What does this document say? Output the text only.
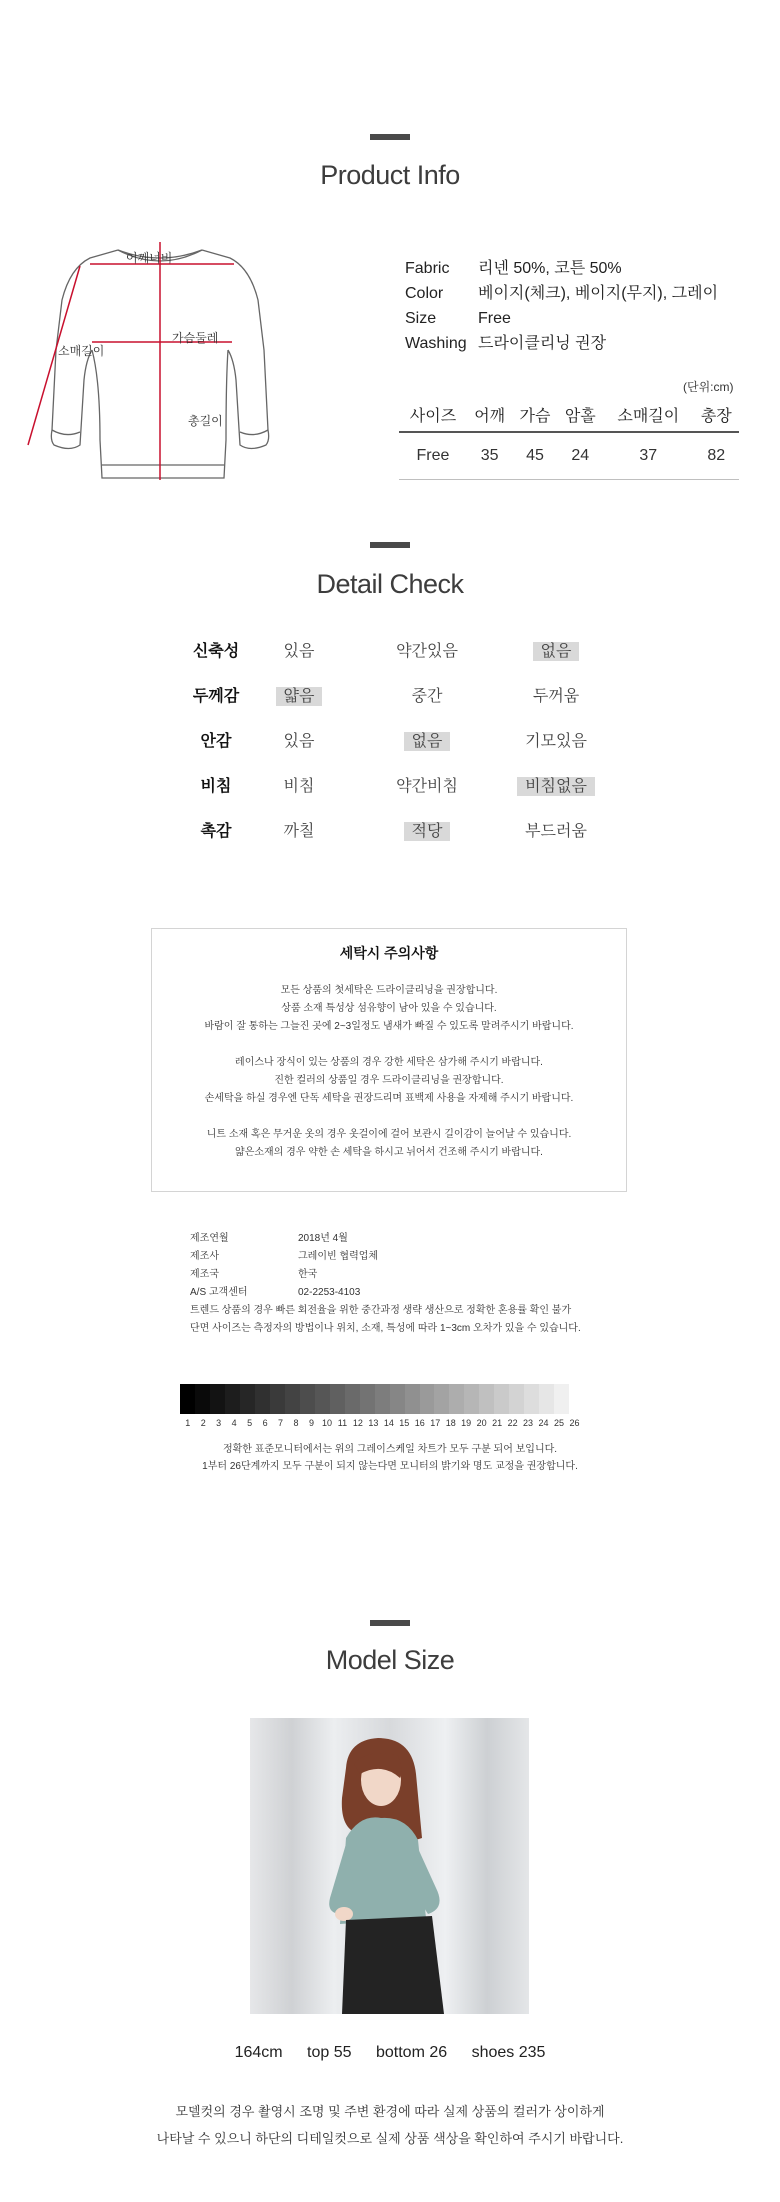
Product Info
어깨너비
소매길이
가슴둘레
총길이
Fabric	리넨 50%, 코튼 50%
Color	베이지(체크), 베이지(무지), 그레이
Size	Free
Washing 드라이클리닝 권장
(단위:cm)
사이즈	어깨	가슴	암홀	소매길이	총장
Free	35	45	24	37	82
Detail Check
신축성	있음	약간있음	없음
두께감	얇음	중간	두꺼움
안감	있음	없음	기모있음
비침	비침	약간비침	비침없음
촉감	까칠	적당	부드러움

세탁시 주의사항
모든 상품의 첫세탁은 드라이클리닝을 권장합니다.
상품 소재 특성상 섬유향이 남아 있을 수 있습니다.
바람이 잘 통하는 그늘진 곳에 2~3일정도 냄새가 빠질 수 있도록 말려주시기 바랍니다.
레이스나 장식이 있는 상품의 경우 강한 세탁은 삼가해 주시기 바랍니다.
진한 컬러의 상품일 경우 드라이클리닝을 권장합니다.
손세탁을 하실 경우엔 단독 세탁을 권장드리며 표백제 사용을 자제해 주시기 바랍니다.
니트 소재 혹은 무거운 옷의 경우 옷걸이에 걸어 보관시 길이감이 늘어날 수 있습니다.
얇은소재의 경우 약한 손 세탁을 하시고 뉘어서 건조해 주시기 바랍니다.
제조연월	2018년 4월
제조사	그레이빈 협력업체
제조국	한국
A/S 고객센터	02-2253-4103
트렌드 상품의 경우 빠른 회전율을 위한 중간과정 생략 생산으로 정확한 혼용률 확인 불가
단면 사이즈는 측정자의 방법이나 위치, 소재, 특성에 따라 1~3cm 오차가 있을 수 있습니다.
1	2	3	4	5	6	7	8	9 10 11 12 13 14 15 16 17 18 19 20 21 22 23 24 25 26
정확한 표준모니터에서는 위의 그레이스케일 차트가 모두 구분 되어 보입니다.
1부터 26단계까지 모두 구분이 되지 않는다면 모니터의 밝기와 명도 교정을 권장합니다.
Model Size
164cm top 55 bottom 26 shoes 235
모델컷의 경우 촬영시 조명 및 주변 환경에 따라 실제 상품의 컬러가 상이하게
나타날 수 있으니 하단의 디테일컷으로 실제 상품 색상을 확인하여 주시기 바랍니다.
